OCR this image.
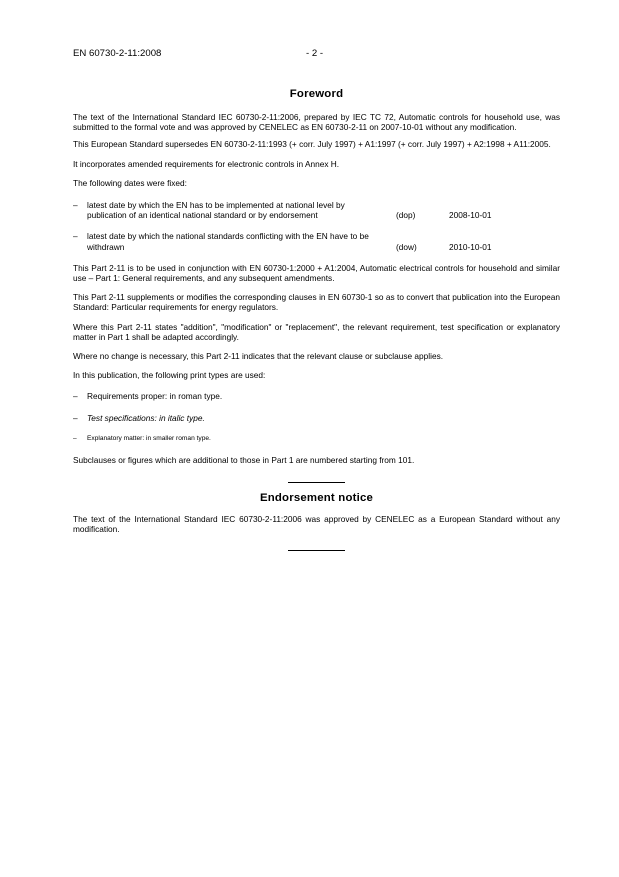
EN 60730-2-11:2008	- 2 -
Foreword

The text of the International Standard IEC 60730-2-11:2006, prepared by IEC TC 72, Automatic controls for household use, was submitted to the formal vote and was approved by CENELEC as EN 60730-2-11 on 2007-10-01 without any modification.

This European Standard supersedes EN 60730-2-11:1993 (+ corr. July 1997) + A1:1997 (+ corr. July 1997) + A2:1998 + A11:2005.

It incorporates amended requirements for electronic controls in Annex H.

The following dates were fixed:

– latest date by which the EN has to be implemented at national level by publication of an identical national standard or by endorsement	(dop)	2008-10-01
– latest date by which the national standards conflicting with the EN have to be withdrawn	(dow)	2010-10-01

This Part 2-11 is to be used in conjunction with EN 60730-1:2000 + A1:2004, Automatic electrical controls for household and similar use – Part 1: General requirements, and any subsequent amendments.

This Part 2-11 supplements or modifies the corresponding clauses in EN 60730-1 so as to convert that publication into the European Standard: Particular requirements for energy regulators.

Where this Part 2-11 states "addition", "modification" or "replacement", the relevant requirement, test specification or explanatory matter in Part 1 shall be adapted accordingly.

Where no change is necessary, this Part 2-11 indicates that the relevant clause or subclause applies.

In this publication, the following print types are used:

– Requirements proper: in roman type.
– Test specifications: in italic type.
– Explanatory matter: in smaller roman type.

Subclauses or figures which are additional to those in Part 1 are numbered starting from 101.

Endorsement notice

The text of the International Standard IEC 60730-2-11:2006 was approved by CENELEC as a European Standard without any modification.
